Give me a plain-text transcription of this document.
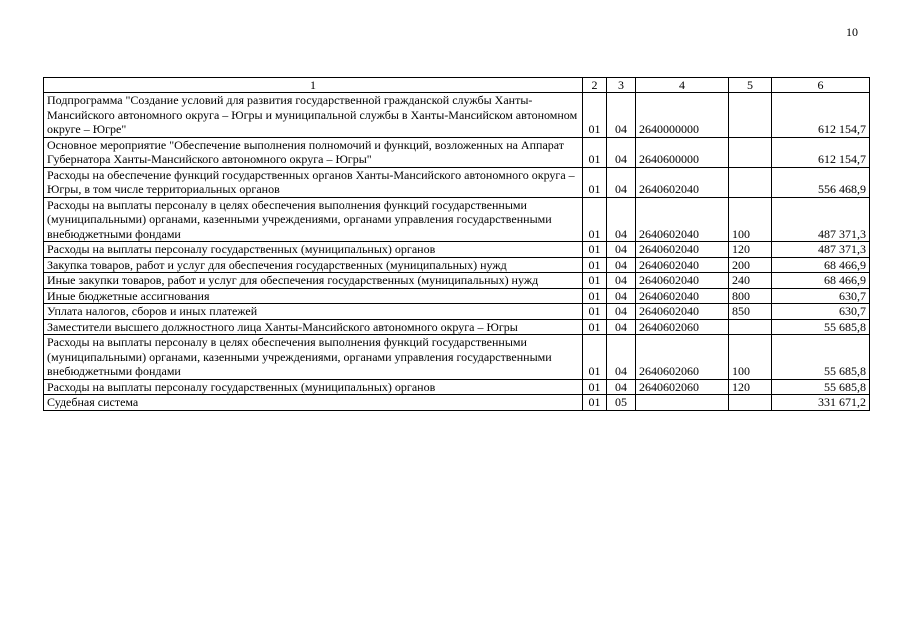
10
1	2	3	4	5	6
Подпрограмма "Создание условий для развития государственной гражданской службы Ханты-Мансийского автономного округа – Югры и муниципальной службы в Ханты-Мансийском автономном округе – Югре"	01	04	2640000000		612 154,7
Основное мероприятие "Обеспечение выполнения полномочий и функций, возложенных на Аппарат Губернатора Ханты-Мансийского автономного округа – Югры"	01	04	2640600000		612 154,7
Расходы на обеспечение функций государственных органов Ханты-Мансийского автономного округа – Югры, в том числе территориальных органов	01	04	2640602040		556 468,9
Расходы на выплаты персоналу в целях обеспечения выполнения функций государственными (муниципальными) органами, казенными учреждениями, органами управления государственными внебюджетными фондами	01	04	2640602040	100	487 371,3
Расходы на выплаты персоналу государственных (муниципальных) органов	01	04	2640602040	120	487 371,3
Закупка товаров, работ и услуг для обеспечения государственных (муниципальных) нужд	01	04	2640602040	200	68 466,9
Иные закупки товаров, работ и услуг для обеспечения государственных (муниципальных) нужд	01	04	2640602040	240	68 466,9
Иные бюджетные ассигнования	01	04	2640602040	800	630,7
Уплата налогов, сборов и иных платежей	01	04	2640602040	850	630,7
Заместители высшего должностного лица Ханты-Мансийского автономного округа – Югры	01	04	2640602060		55 685,8
Расходы на выплаты персоналу в целях обеспечения выполнения функций государственными (муниципальными) органами, казенными учреждениями, органами управления государственными внебюджетными фондами	01	04	2640602060	100	55 685,8
Расходы на выплаты персоналу государственных (муниципальных) органов	01	04	2640602060	120	55 685,8
Судебная система	01	05			331 671,2
